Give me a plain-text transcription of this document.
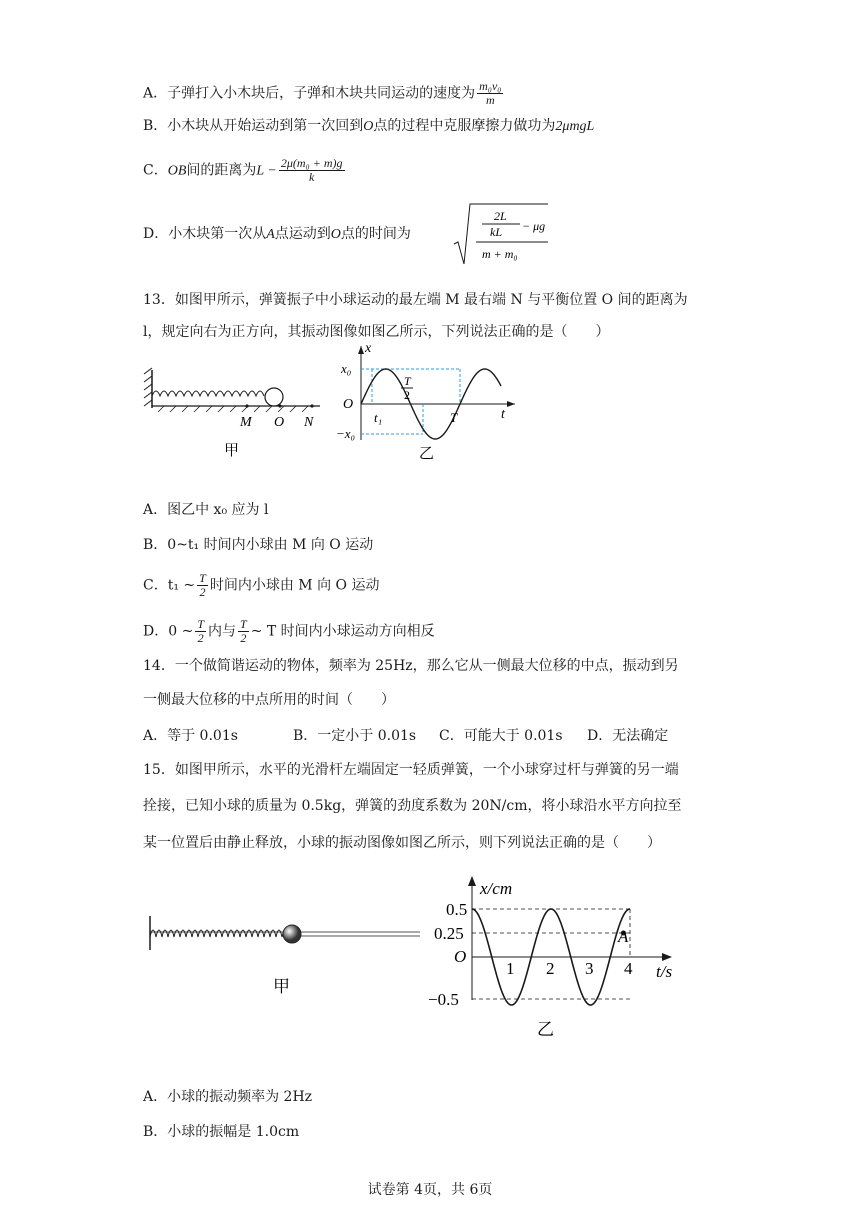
A．子弹打入小木块后，子弹和木块共同运动的速度为 $\frac{\text{m₀v₀}}{m}$
B．小木块从开始运动到第一次回到O点的过程中克服摩擦力做功为2μmgL
C．OB间的距离为$L - \frac{\text{2μ(m₀ + m)g}}{k}$
D．小木块第一次从A点运动到O点的时间为
2L
kL − μg
m + m₀
13．如图甲所示，弹簧振子中小球运动的最左端 M 最右端 N 与平衡位置 O 间的距离为
l，规定向右为正方向，其振动图像如图乙所示，下列说法正确的是（　　）
M O N
甲
x
x₀
−x₀
O
t₁
T
2
T	t
乙
A．图乙中 x₀ 应为 l
B．0~t₁ 时间内小球由 M 向 O 运动
C．t₁ ~ $\frac{T}{2}$ 时间内小球由 M 向 O 运动
D．0 ~ $\frac{T}{2}$ 内与 $\frac{T}{2}$ ~ T 时间内小球运动方向相反
14．一个做简谐运动的物体，频率为 25Hz，那么它从一侧最大位移的中点，振动到另
一侧最大位移的中点所用的时间（　　）
A．等于 0.01s	B．一定小于 0.01s C．可能大于 0.01s D．无法确定
15．如图甲所示，水平的光滑杆左端固定一轻质弹簧，一个小球穿过杆与弹簧的另一端
拴接，已知小球的质量为 0.5kg，弹簧的劲度系数为 20N/cm，将小球沿水平方向拉至
某一位置后由静止释放，小球的振动图像如图乙所示，则下列说法正确的是（　　）
甲
x/cm
0.5
0.25
−0.5
O
1 2 3 4 t/s
A
乙
A．小球的振动频率为 2Hz
B．小球的振幅是 1.0cm
试卷第 4页，共 6页
